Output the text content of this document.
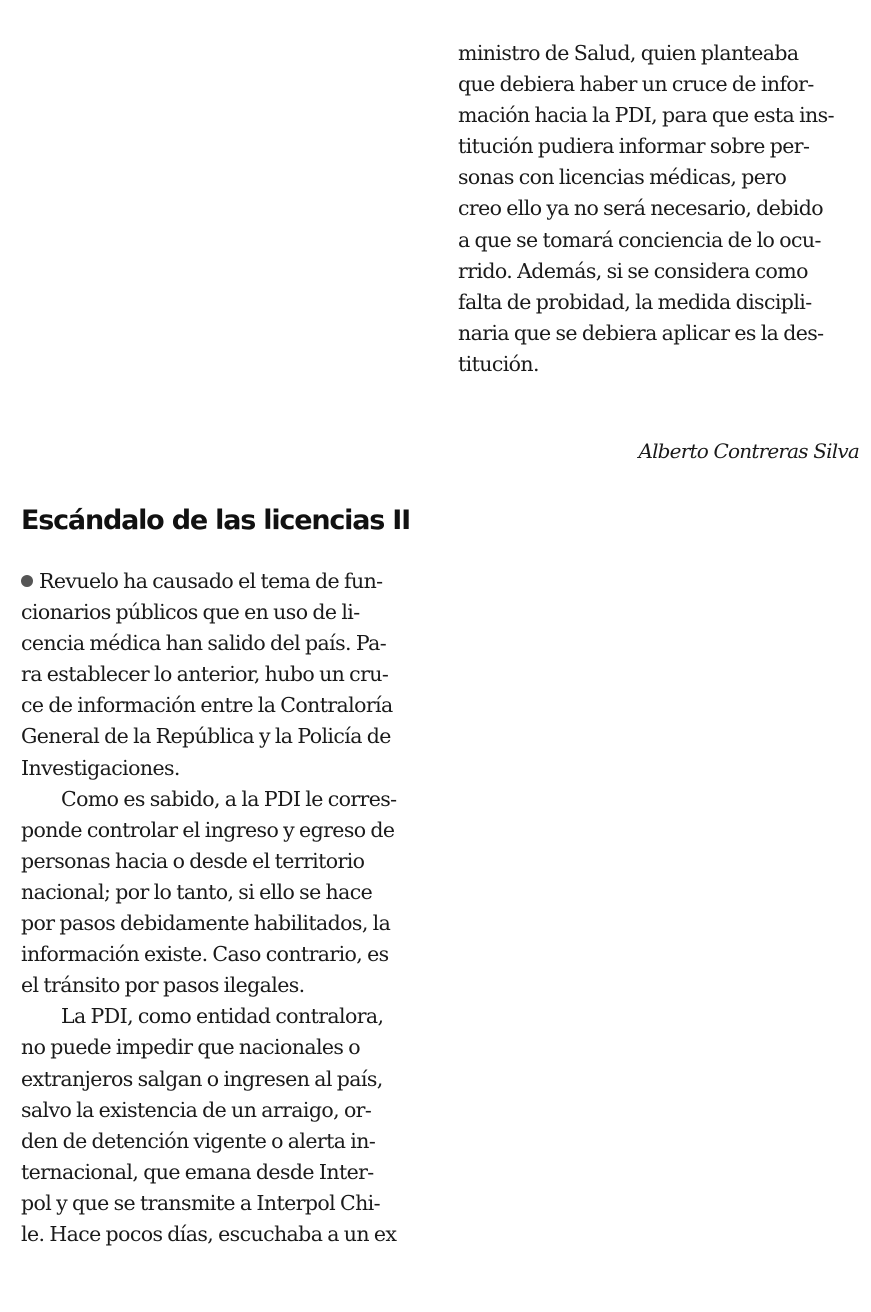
ministro de Salud, quien planteaba
que debiera haber un cruce de infor-
mación hacia la PDI, para que esta ins-
titución pudiera informar sobre per-
sonas con licencias médicas, pero
creo ello ya no será necesario, debido
a que se tomará conciencia de lo ocu-
rrido. Además, si se considera como
falta de probidad, la medida discipli-
naria que se debiera aplicar es la des-
titución.
Alberto Contreras Silva
Escándalo de las licencias II
Revuelo ha causado el tema de fun-
cionarios públicos que en uso de li-
cencia médica han salido del país. Pa-
ra establecer lo anterior, hubo un cru-
ce de información entre la Contraloría
General de la República y la Policía de
Investigaciones.
Como es sabido, a la PDI le corres-
ponde controlar el ingreso y egreso de
personas hacia o desde el territorio
nacional; por lo tanto, si ello se hace
por pasos debidamente habilitados, la
información existe. Caso contrario, es
el tránsito por pasos ilegales.
La PDI, como entidad contralora,
no puede impedir que nacionales o
extranjeros salgan o ingresen al país,
salvo la existencia de un arraigo, or-
den de detención vigente o alerta in-
ternacional, que emana desde Inter-
pol y que se transmite a Interpol Chi-
le. Hace pocos días, escuchaba a un ex
